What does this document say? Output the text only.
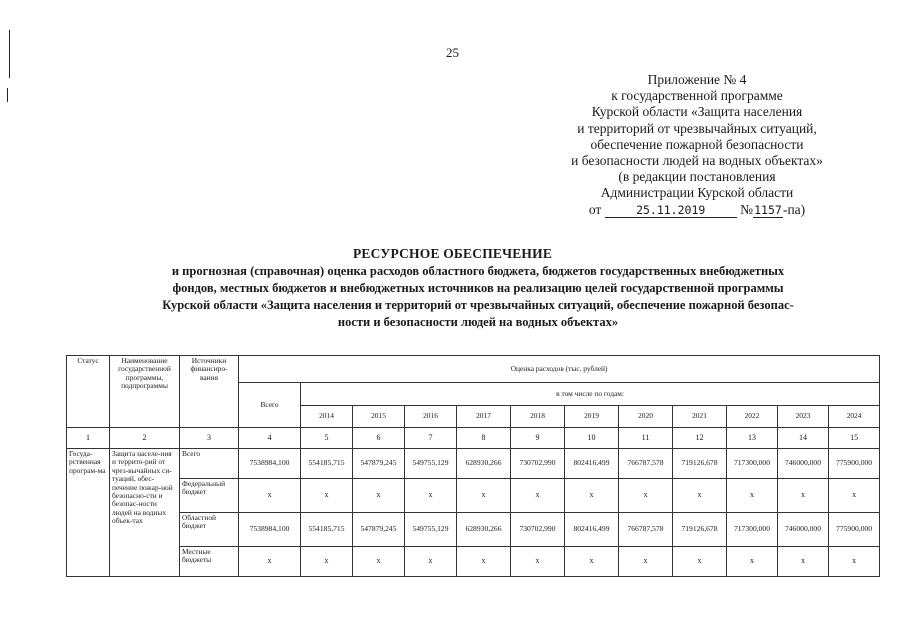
25
Приложение № 4
к государственной программе
Курской области «Защита населения
и территорий от чрезвычайных ситуаций,
обеспечение пожарной безопасности
и безопасности людей на водных объектах»
(в редакции постановления
Администрации Курской области
от	25.11.2019	№1157-па)
РЕСУРСНОЕ ОБЕСПЕЧЕНИЕ
и прогнозная (справочная) оценка расходов областного бюджета, бюджетов государственных внебюджетных
фондов, местных бюджетов и внебюджетных источников на реализацию целей государственной программы
Курской области «Защита населения и территорий от чрезвычайных ситуаций, обеспечение пожарной безопас-
ности и безопасности людей на водных объектах»
Статус	Наименование государственной программы, подпрограммы	Источники финансиро-вания	Оценка расходов (тыс. рублей)											
			Всего	в том числе по годам:										
				2014	2015	2016	2017	2018	2019	2020	2021	2022	2023	2024
1	2	3	4	5	6	7	8	9	10	11	12	13	14	15
Госуда-рственная програм-ма	Защита населе-ния и террито-рий от чрез-вычайных си-туаций, обес-печение пожар-ной безопасно-сти и безопас-ности людей на водных объек-тах	Всего	7538984,100	554185,715	547879,245	549755,129	628930,266	730702,990	802416,499	766787,578	719126,678	717300,000	746000,000	775900,000
		Федеральный бюджет	x	x	x	x	x	x	x	x	x	x	x	x
		Областной бюджет	7538984,100	554185,715	547879,245	549755,129	628930,266	730702,990	802416,499	766787,578	719126,678	717300,000	746000,000	775900,000
		Местные бюджеты	x	x	x	x	x	x	x	x	x	x	x	x
